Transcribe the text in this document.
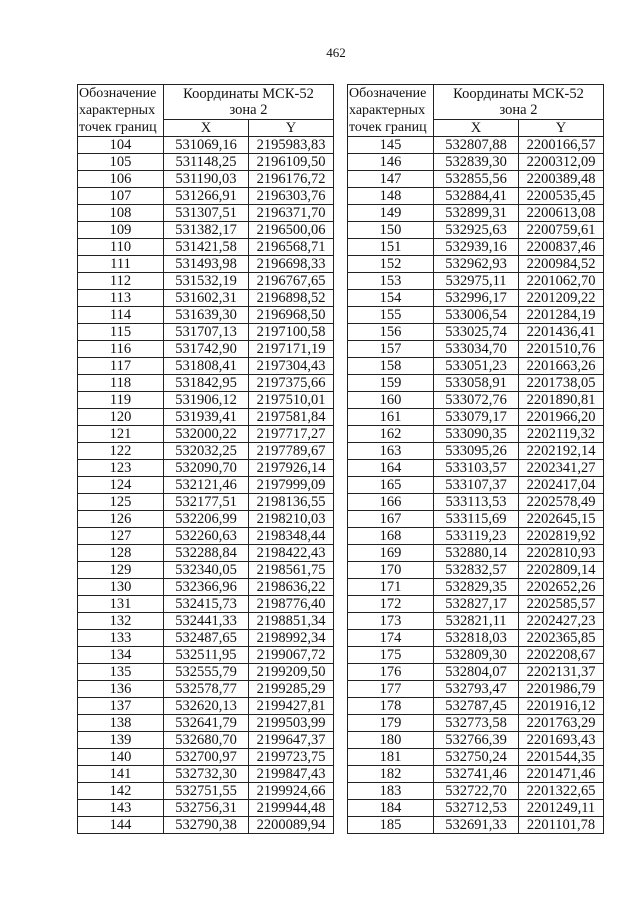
462
Обозначение	Координаты МСК-52	
характерных	зона 2	
точек границ	X	Y
104	531069,16	2195983,83
105	531148,25	2196109,50
106	531190,03	2196176,72
107	531266,91	2196303,76
108	531307,51	2196371,70
109	531382,17	2196500,06
110	531421,58	2196568,71
111	531493,98	2196698,33
112	531532,19	2196767,65
113	531602,31	2196898,52
114	531639,30	2196968,50
115	531707,13	2197100,58
116	531742,90	2197171,19
117	531808,41	2197304,43
118	531842,95	2197375,66
119	531906,12	2197510,01
120	531939,41	2197581,84
121	532000,22	2197717,27
122	532032,25	2197789,67
123	532090,70	2197926,14
124	532121,46	2197999,09
125	532177,51	2198136,55
126	532206,99	2198210,03
127	532260,63	2198348,44
128	532288,84	2198422,43
129	532340,05	2198561,75
130	532366,96	2198636,22
131	532415,73	2198776,40
132	532441,33	2198851,34
133	532487,65	2198992,34
134	532511,95	2199067,72
135	532555,79	2199209,50
136	532578,77	2199285,29
137	532620,13	2199427,81
138	532641,79	2199503,99
139	532680,70	2199647,37
140	532700,97	2199723,75
141	532732,30	2199847,43
142	532751,55	2199924,66
143	532756,31	2199944,48
144	532790,38	2200089,94
Обозначение	Координаты МСК-52	
характерных	зона 2	
точек границ	X	Y
145	532807,88	2200166,57
146	532839,30	2200312,09
147	532855,56	2200389,48
148	532884,41	2200535,45
149	532899,31	2200613,08
150	532925,63	2200759,61
151	532939,16	2200837,46
152	532962,93	2200984,52
153	532975,11	2201062,70
154	532996,17	2201209,22
155	533006,54	2201284,19
156	533025,74	2201436,41
157	533034,70	2201510,76
158	533051,23	2201663,26
159	533058,91	2201738,05
160	533072,76	2201890,81
161	533079,17	2201966,20
162	533090,35	2202119,32
163	533095,26	2202192,14
164	533103,57	2202341,27
165	533107,37	2202417,04
166	533113,53	2202578,49
167	533115,69	2202645,15
168	533119,23	2202819,92
169	532880,14	2202810,93
170	532832,57	2202809,14
171	532829,35	2202652,26
172	532827,17	2202585,57
173	532821,11	2202427,23
174	532818,03	2202365,85
175	532809,30	2202208,67
176	532804,07	2202131,37
177	532793,47	2201986,79
178	532787,45	2201916,12
179	532773,58	2201763,29
180	532766,39	2201693,43
181	532750,24	2201544,35
182	532741,46	2201471,46
183	532722,70	2201322,65
184	532712,53	2201249,11
185	532691,33	2201101,78
